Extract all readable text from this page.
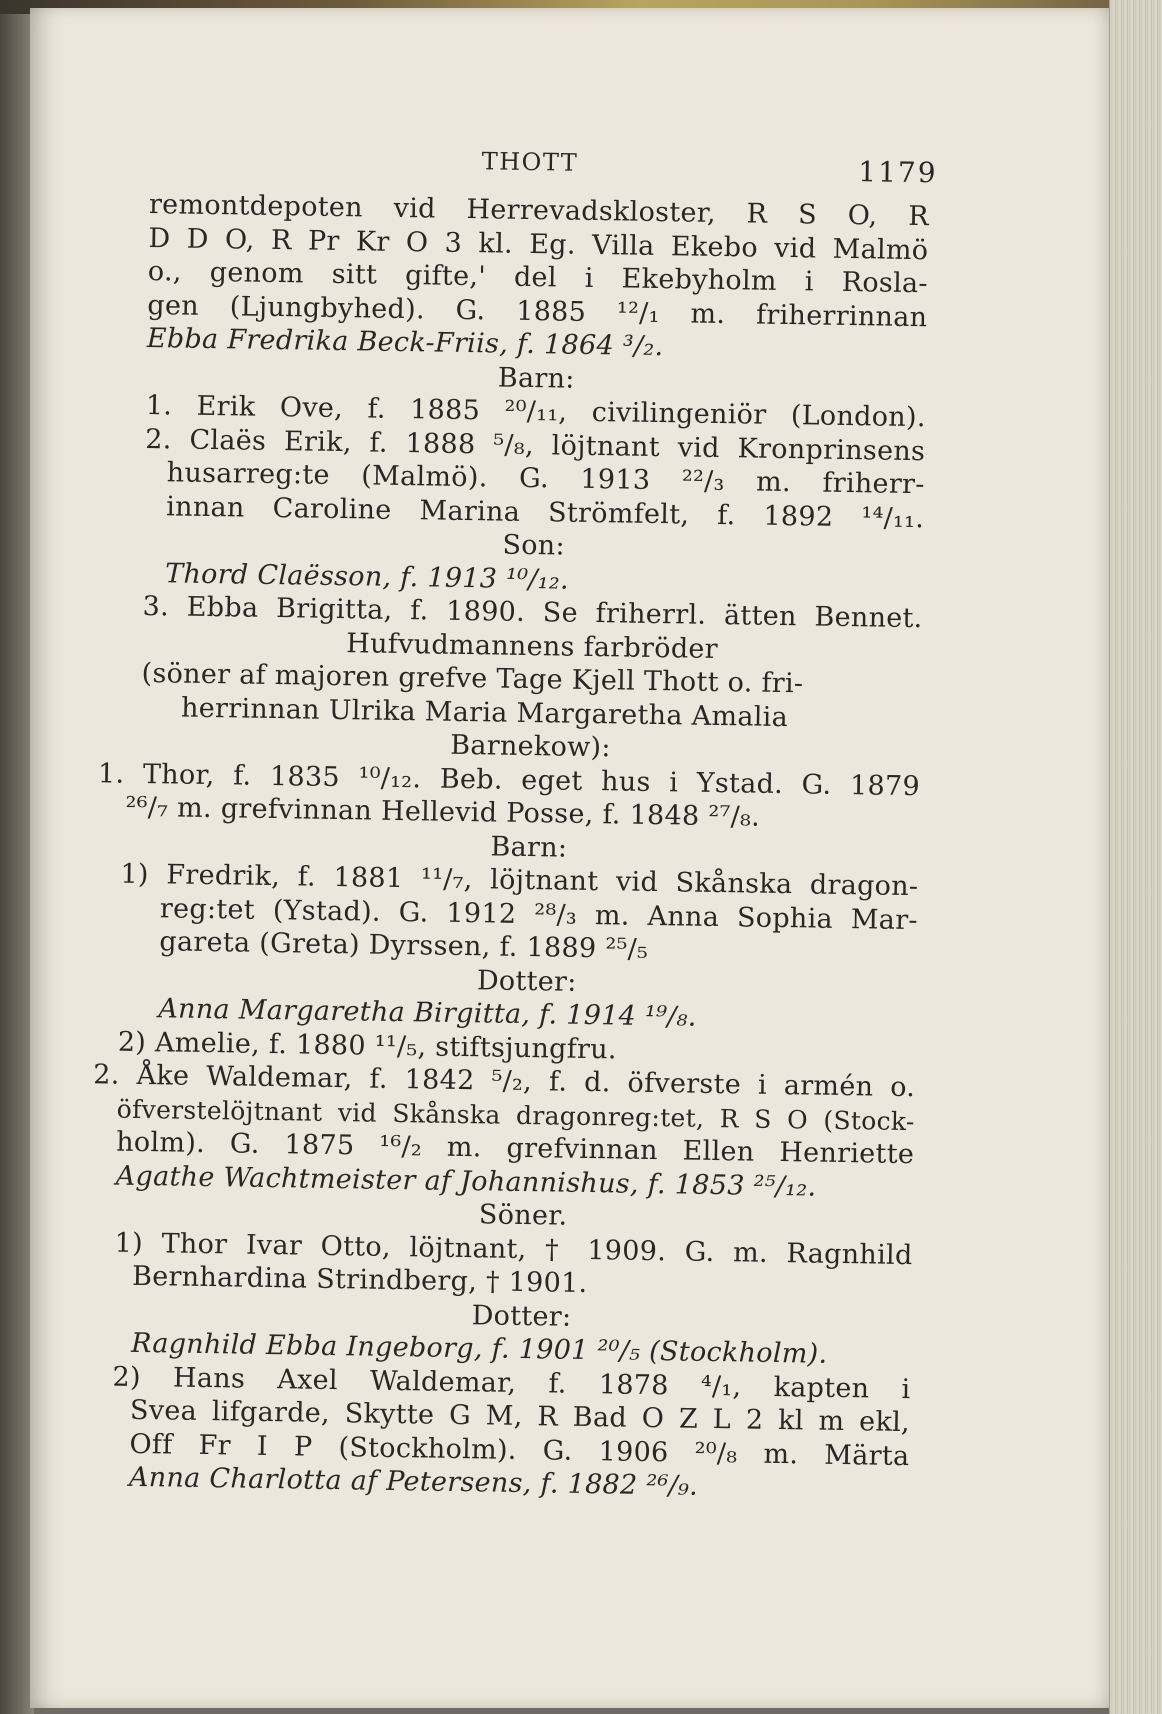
THOTT	1179
remontdepoten vid Herrevadskloster, R S O, R
D D O, R Pr Kr O 3 kl. Eg. Villa Ekebo vid Malmö
o., genom sitt gifte,' del i Ekebyholm i Rosla-
gen (Ljungbyhed). G. 1885 ¹²/₁ m. friherrinnan
Ebba Fredrika Beck-Friis, f. 1864 ³/₂.
Barn:
1. Erik Ove, f. 1885 ²⁰/₁₁, civilingeniör (London).
2. Claës Erik, f. 1888 ⁵/₈, löjtnant vid Kronprinsens
husarreg:te (Malmö). G. 1913 ²²/₃ m. friherr-
innan Caroline Marina Strömfelt, f. 1892 ¹⁴/₁₁.
Son:
Thord Claësson, f. 1913 ¹⁰/₁₂.
3. Ebba Brigitta, f. 1890. Se friherrl. ätten Bennet.
Hufvudmannens farbröder
(söner af majoren grefve Tage Kjell Thott o. fri-
herrinnan Ulrika Maria Margaretha Amalia
Barnekow):
1. Thor, f. 1835 ¹⁰/₁₂. Beb. eget hus i Ystad. G. 1879
²⁶/₇ m. grefvinnan Hellevid Posse, f. 1848 ²⁷/₈.
Barn:
1) Fredrik, f. 1881 ¹¹/₇, löjtnant vid Skånska dragon-
reg:tet (Ystad). G. 1912 ²⁸/₃ m. Anna Sophia Mar-
gareta (Greta) Dyrssen, f. 1889 ²⁵/₅
Dotter:
Anna Margaretha Birgitta, f. 1914 ¹⁹/₈.
2) Amelie, f. 1880 ¹¹/₅, stiftsjungfru.
2. Åke Waldemar, f. 1842 ⁵/₂, f. d. öfverste i armén o.
öfverstelöjtnant vid Skånska dragonreg:tet, R S O (Stock-
holm). G. 1875 ¹⁶/₂ m. grefvinnan Ellen Henriette
Agathe Wachtmeister af Johannishus, f. 1853 ²⁵/₁₂.
Söner.
1) Thor Ivar Otto, löjtnant, † 1909. G. m. Ragnhild
Bernhardina Strindberg, † 1901.
Dotter:
Ragnhild Ebba Ingeborg, f. 1901 ²⁰/₅ (Stockholm).
2) Hans Axel Waldemar, f. 1878 ⁴/₁, kapten i
Svea lifgarde, Skytte G M, R Bad O Z L 2 kl m ekl,
Off Fr I P (Stockholm). G. 1906 ²⁰/₈ m. Märta
Anna Charlotta af Petersens, f. 1882 ²⁶/₉.
